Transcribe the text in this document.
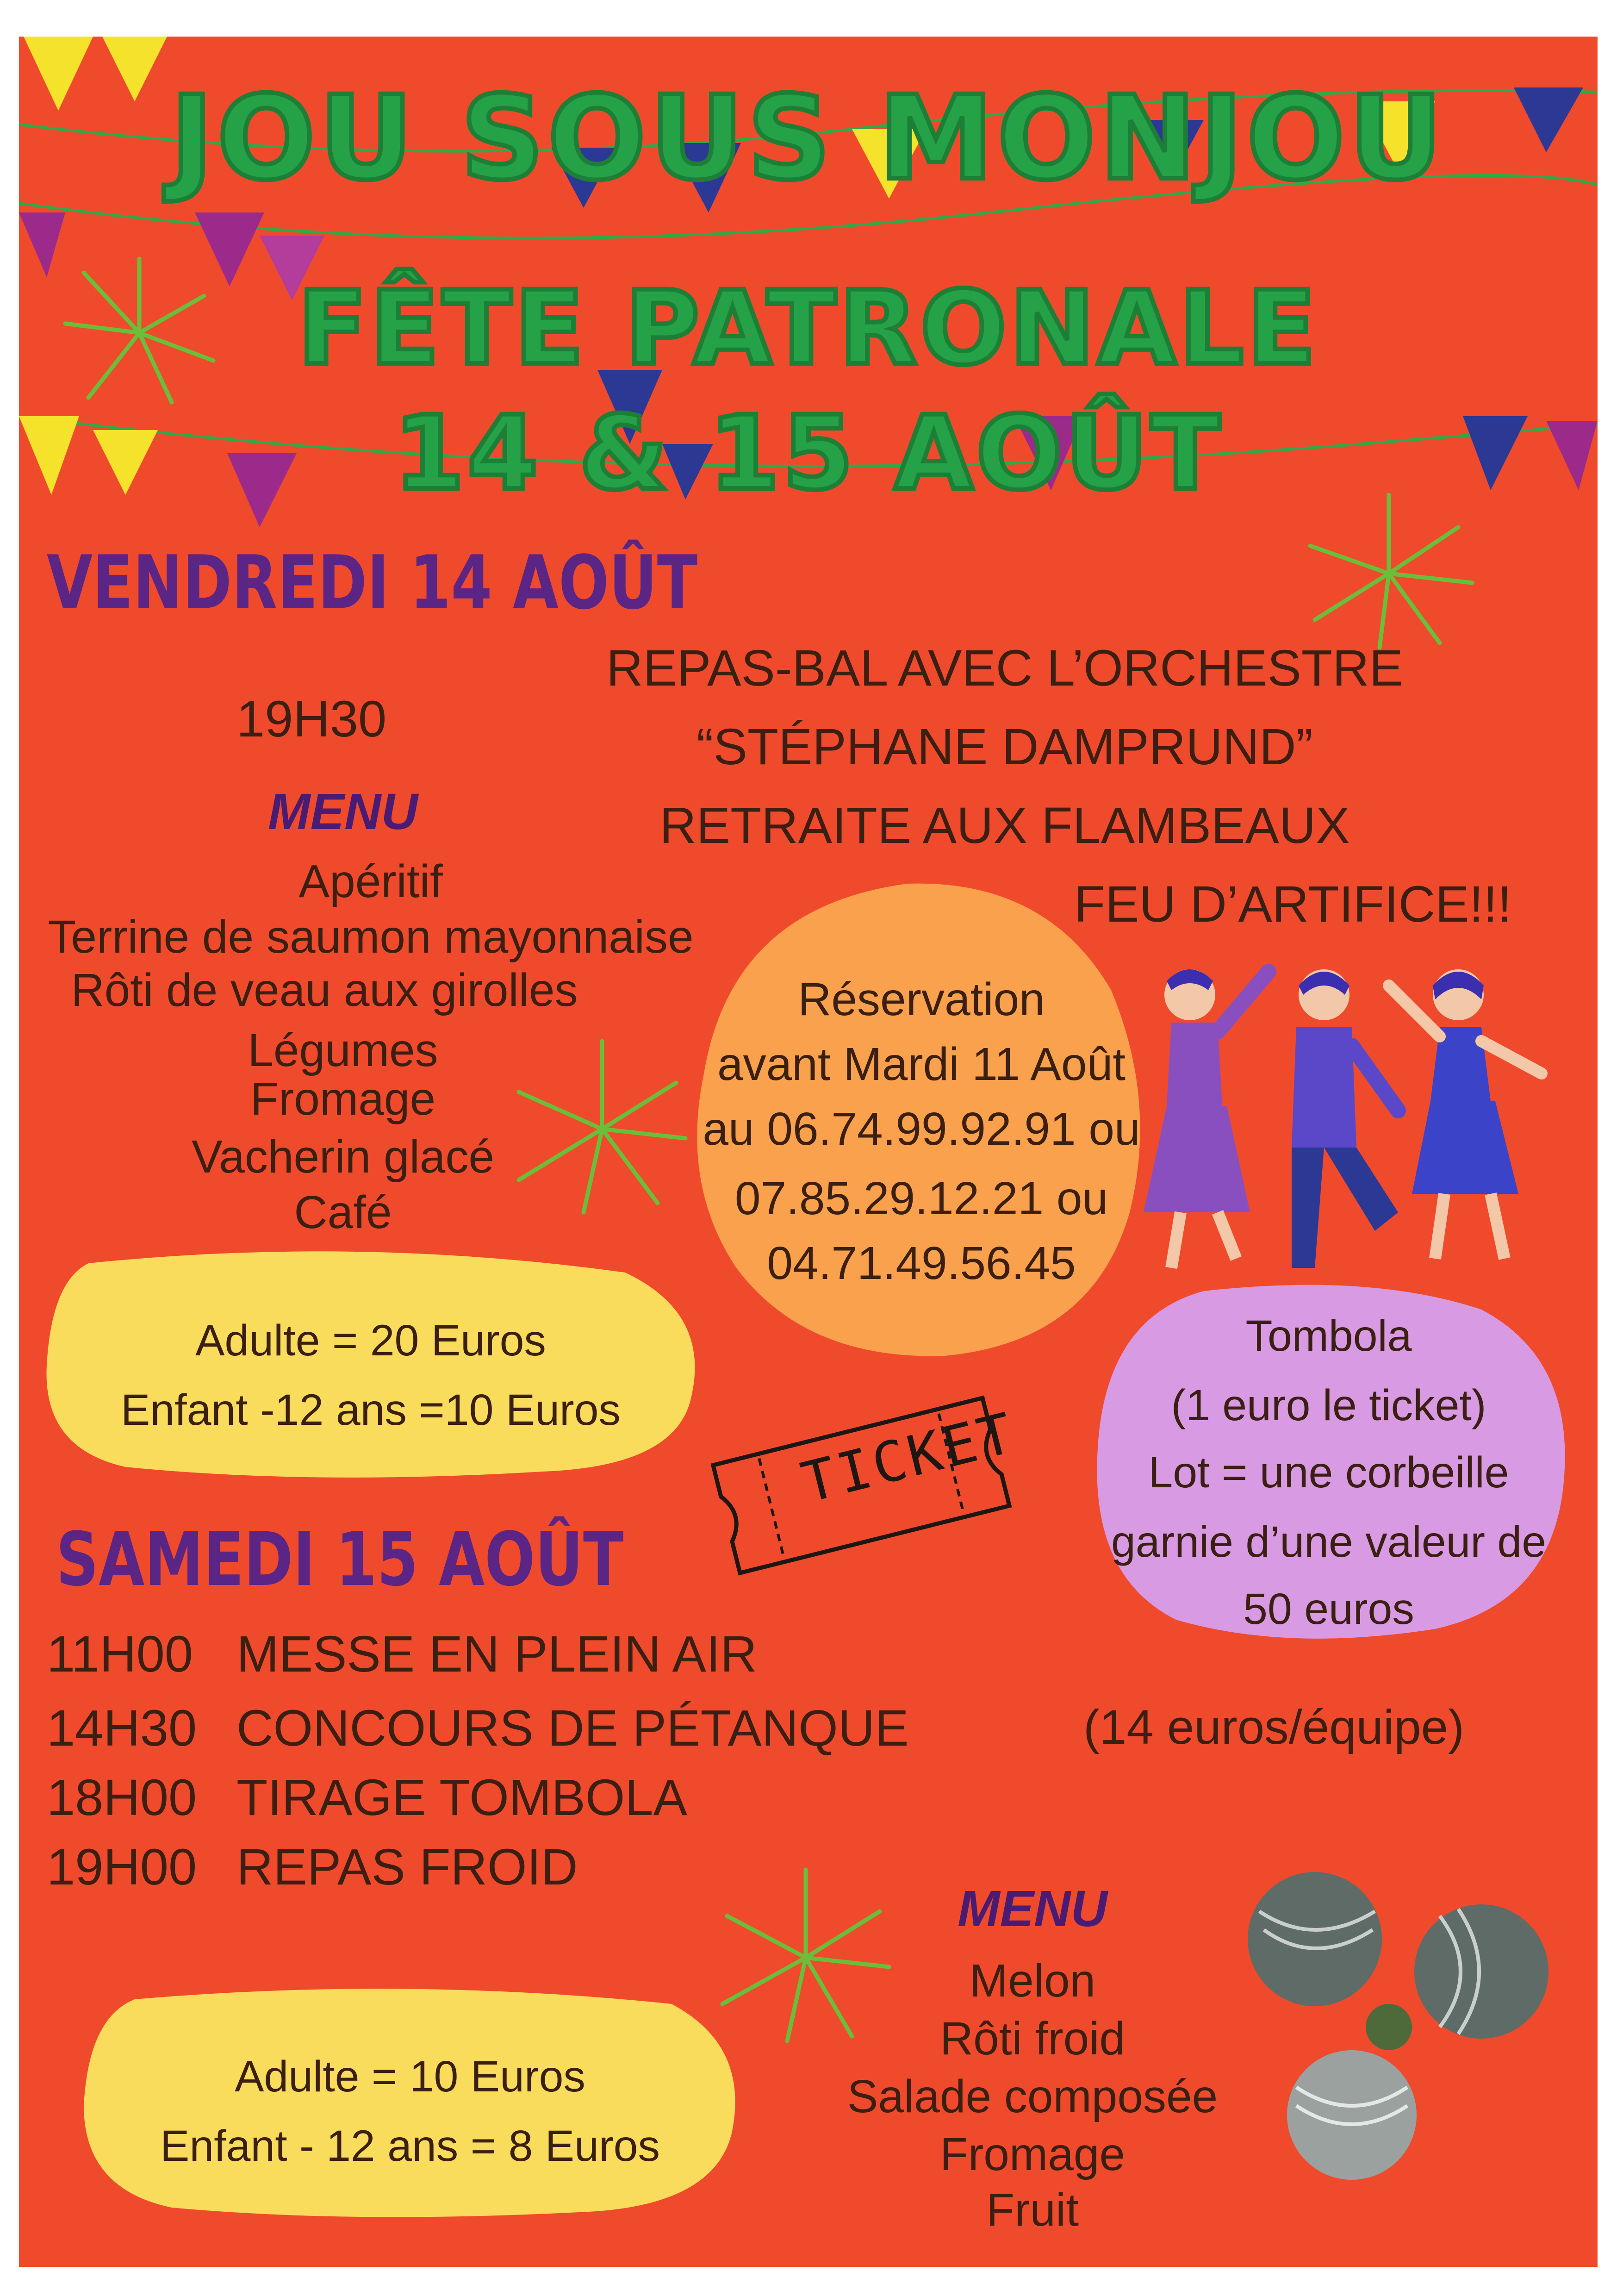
JOU SOUS MONJOU
FÊTE PATRONALE
14 & 15 AOÛT
VENDREDI 14 AOÛT
19H30
REPAS-BAL AVEC L’ORCHESTRE
“STÉPHANE DAMPRUND”
RETRAITE AUX FLAMBEAUX
FEU D’ARTIFICE!!!
MENU
Apéritif
Terrine de saumon mayonnaise
Rôti de veau aux girolles
Légumes
Fromage
Vacherin glacé
Café
Adulte = 20 Euros
Enfant -12 ans =10 Euros
Réservation
avant Mardi 11 Août
au 06.74.99.92.91 ou
07.85.29.12.21 ou
04.71.49.56.45
Tombola
(1 euro le ticket)
Lot = une corbeille
garnie d’une valeur de
50 euros
TICKET
SAMEDI 15 AOÛT
11H00 MESSE EN PLEIN AIR
14H30 CONCOURS DE PÉTANQUE
18H00 TIRAGE TOMBOLA
19H00 REPAS FROID
(14 euros/équipe)
MENU
Melon
Rôti froid
Salade composée
Fromage
Fruit
Adulte = 10 Euros
Enfant - 12 ans = 8 Euros
